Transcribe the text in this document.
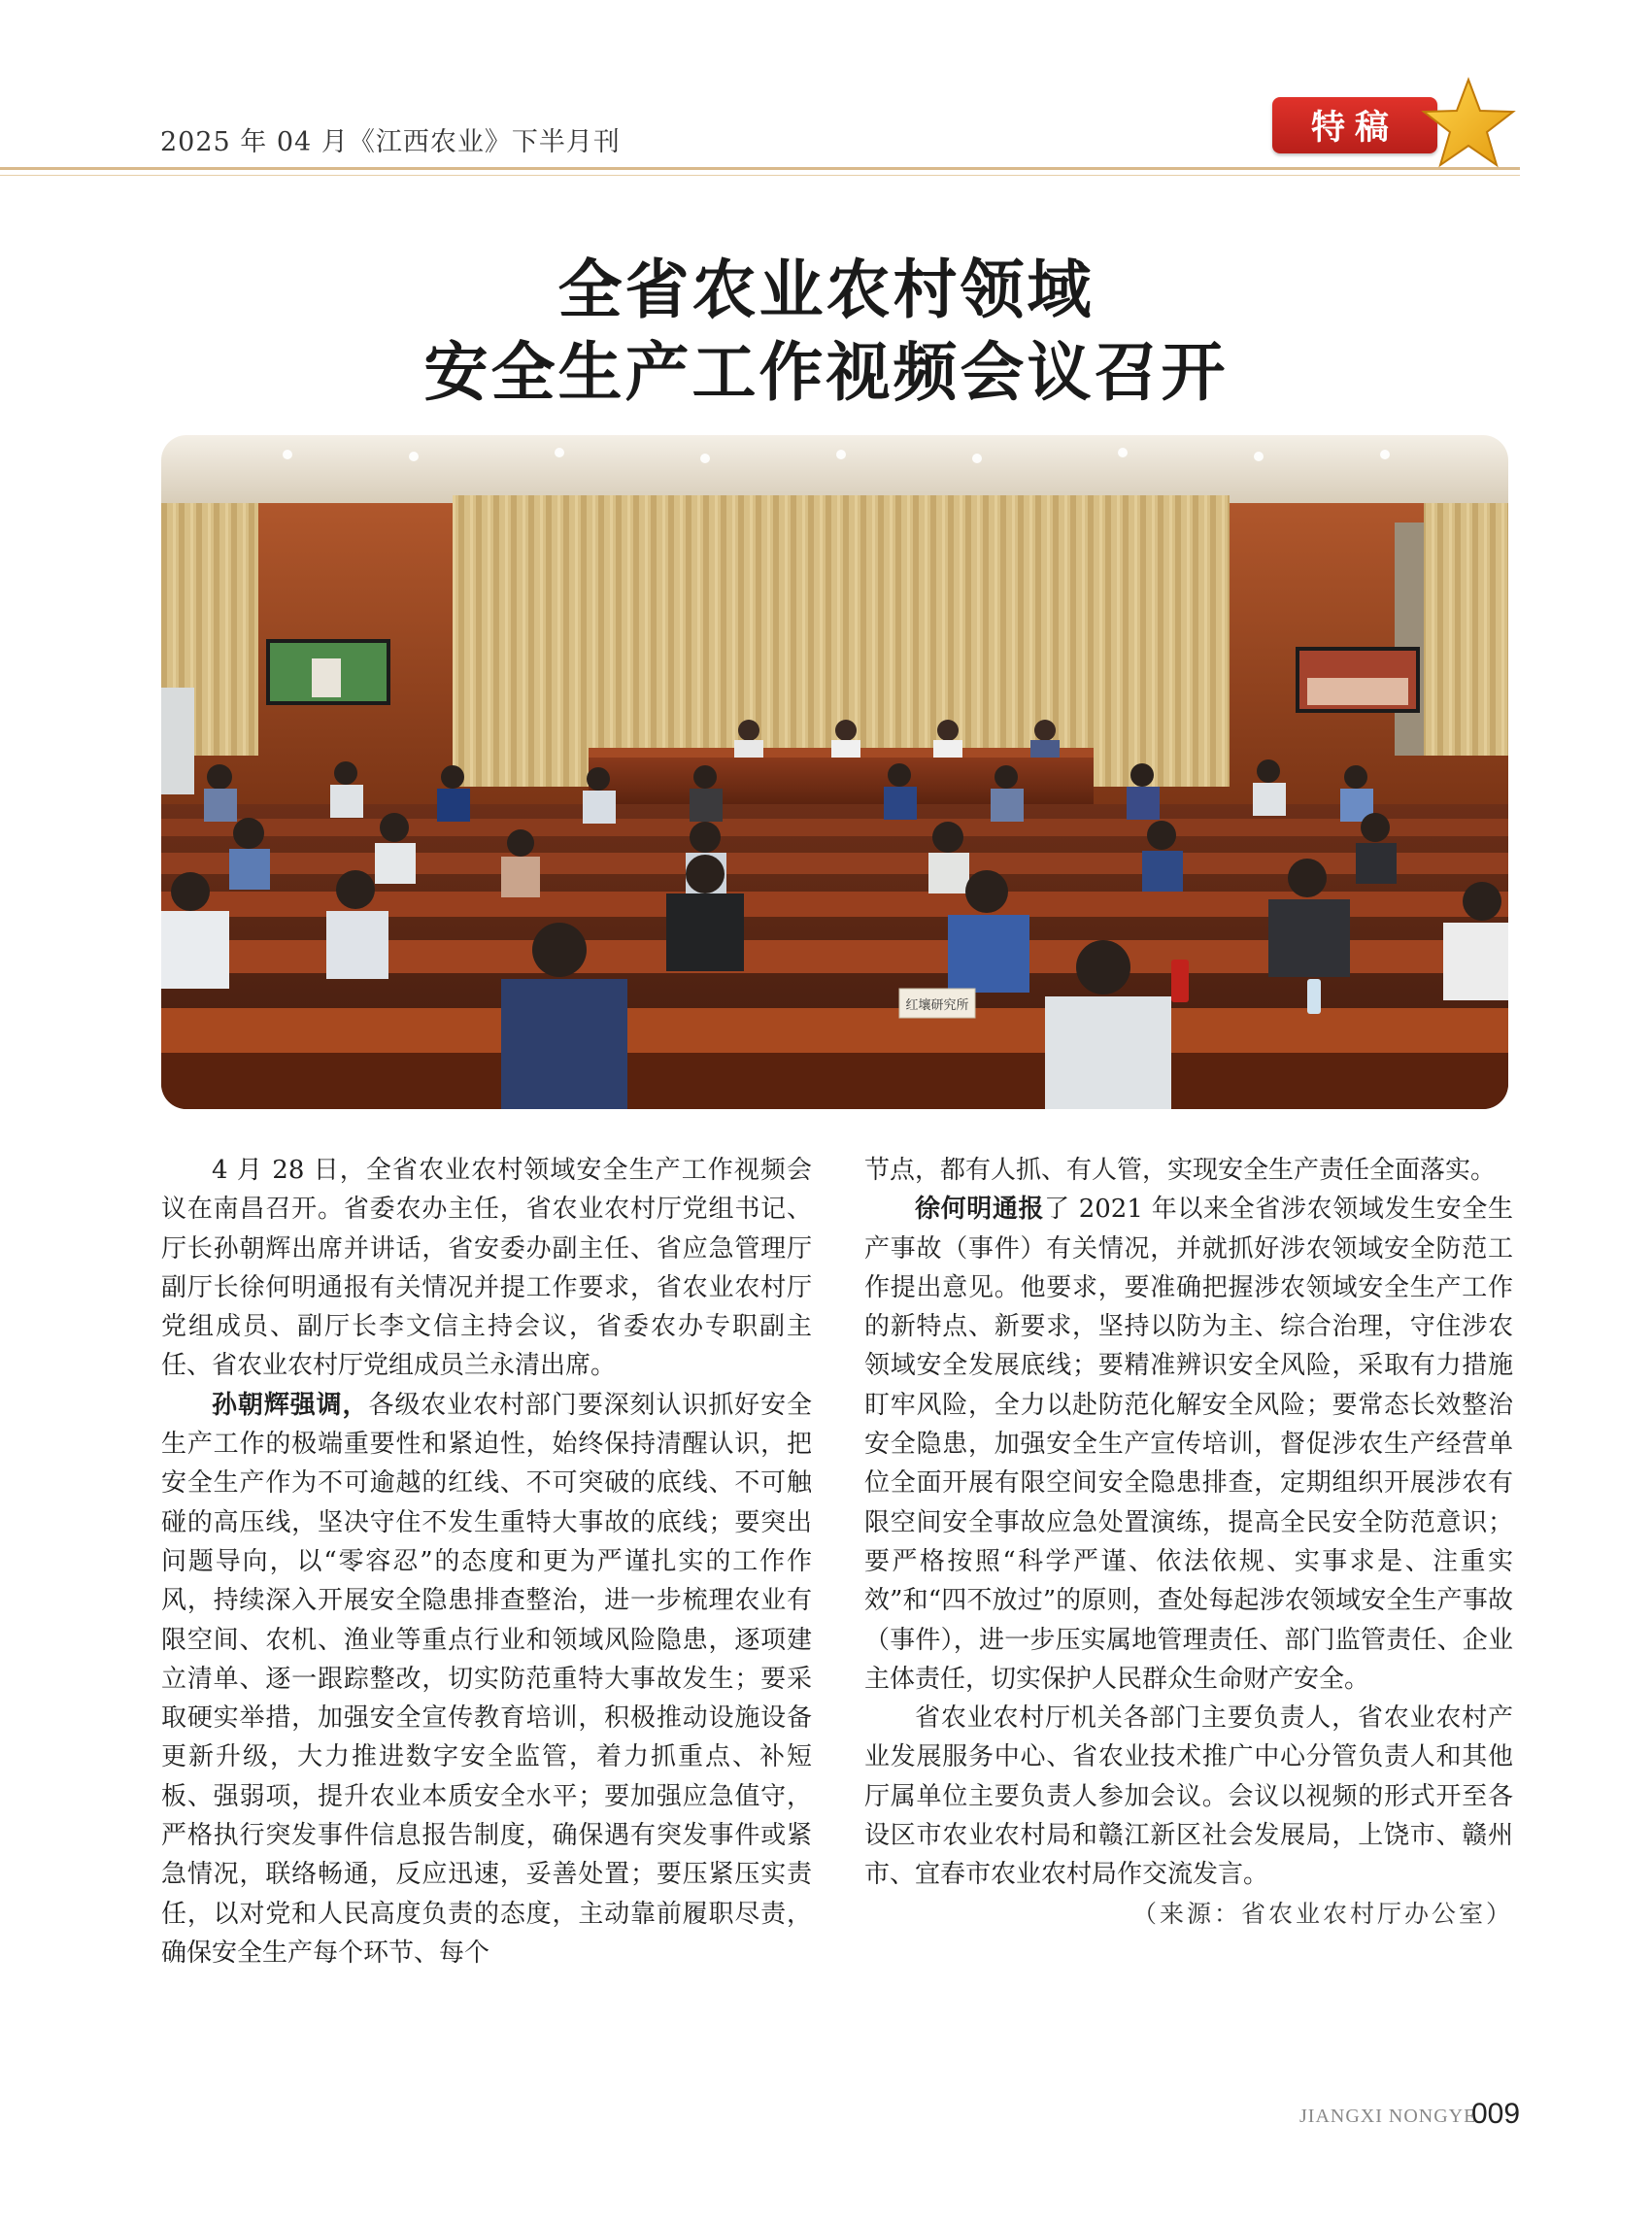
2025 年 04 月《江西农业》下半月刊	特稿
全省农业农村领域
安全生产工作视频会议召开
红壤研究所

4 月 28 日，全省农业农村领域安全生产工作视频会议在南昌召开。省委农办主任，省农业农村厅党组书记、厅长孙朝辉出席并讲话，省安委办副主任、省应急管理厅副厅长徐何明通报有关情况并提工作要求，省农业农村厅党组成员、副厅长李文信主持会议，省委农办专职副主任、省农业农村厅党组成员兰永清出席。

孙朝辉强调，各级农业农村部门要深刻认识抓好安全生产工作的极端重要性和紧迫性，始终保持清醒认识，把安全生产作为不可逾越的红线、不可突破的底线、不可触碰的高压线，坚决守住不发生重特大事故的底线；要突出问题导向，以“零容忍”的态度和更为严谨扎实的工作作风，持续深入开展安全隐患排查整治，进一步梳理农业有限空间、农机、渔业等重点行业和领域风险隐患，逐项建立清单、逐一跟踪整改，切实防范重特大事故发生；要采取硬实举措，加强安全宣传教育培训，积极推动设施设备更新升级，大力推进数字安全监管，着力抓重点、补短板、强弱项，提升农业本质安全水平；要加强应急值守，严格执行突发事件信息报告制度，确保遇有突发事件或紧急情况，联络畅通，反应迅速，妥善处置；要压紧压实责任，以对党和人民高度负责的态度，主动靠前履职尽责，确保安全生产每个环节、每个

节点，都有人抓、有人管，实现安全生产责任全面落实。

徐何明通报了 2021 年以来全省涉农领域发生安全生产事故（事件）有关情况，并就抓好涉农领域安全防范工作提出意见。他要求，要准确把握涉农领域安全生产工作的新特点、新要求，坚持以防为主、综合治理，守住涉农领域安全发展底线；要精准辨识安全风险，采取有力措施盯牢风险，全力以赴防范化解安全风险；要常态长效整治安全隐患，加强安全生产宣传培训，督促涉农生产经营单位全面开展有限空间安全隐患排查，定期组织开展涉农有限空间安全事故应急处置演练，提高全民安全防范意识；要严格按照“科学严谨、依法依规、实事求是、注重实效”和“四不放过”的原则，查处每起涉农领域安全生产事故（事件），进一步压实属地管理责任、部门监管责任、企业主体责任，切实保护人民群众生命财产安全。

省农业农村厅机关各部门主要负责人，省农业农村产业发展服务中心、省农业技术推广中心分管负责人和其他厅属单位主要负责人参加会议。会议以视频的形式开至各设区市农业农村局和赣江新区社会发展局，上饶市、赣州市、宜春市农业农村局作交流发言。

（来源：省农业农村厅办公室）
JIANGXI NONGYE
009
